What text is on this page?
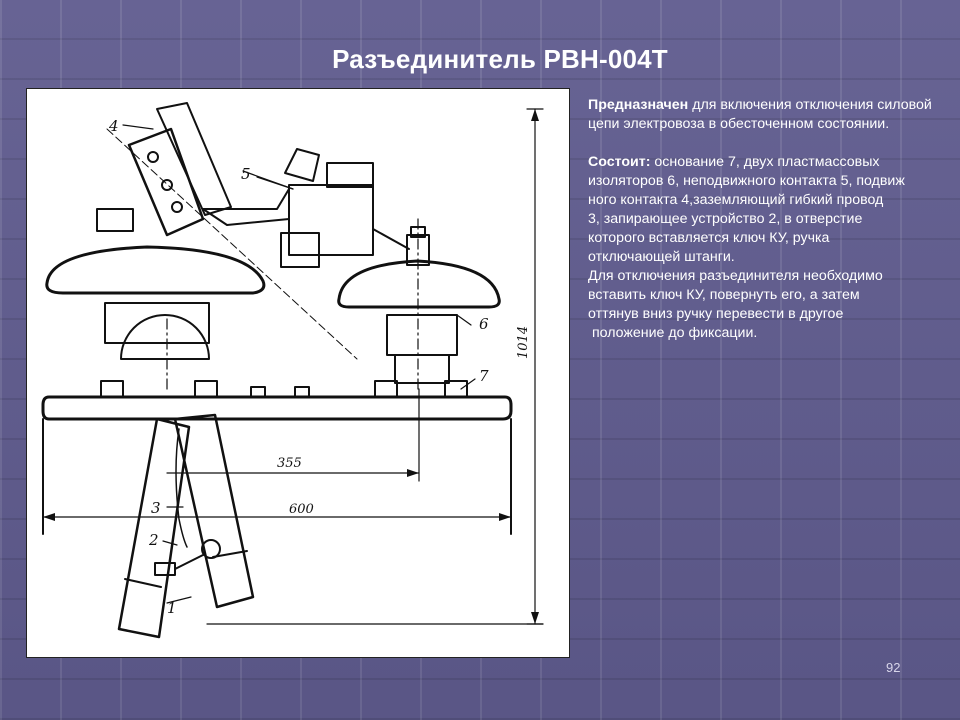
Разъединитель РВН-004Т
1
2
3
4
5
6
7
355
600
1014

Предназначен для включения отключения силовой цепи электровоза в обесточенном состоянии.

Состоит: основание 7, двух пластмассовых

изоляторов 6, неподвижного контакта 5, подвиж

ного контакта 4,заземляющий гибкий провод

3, запирающее устройство 2, в отверстие

которого вставляется ключ КУ, ручка

отключающей штанги.

Для отключения разъединителя необходимо

вставить ключ КУ, повернуть его, а затем

оттянув вниз ручку перевести в другое

положение до фиксации.

92
